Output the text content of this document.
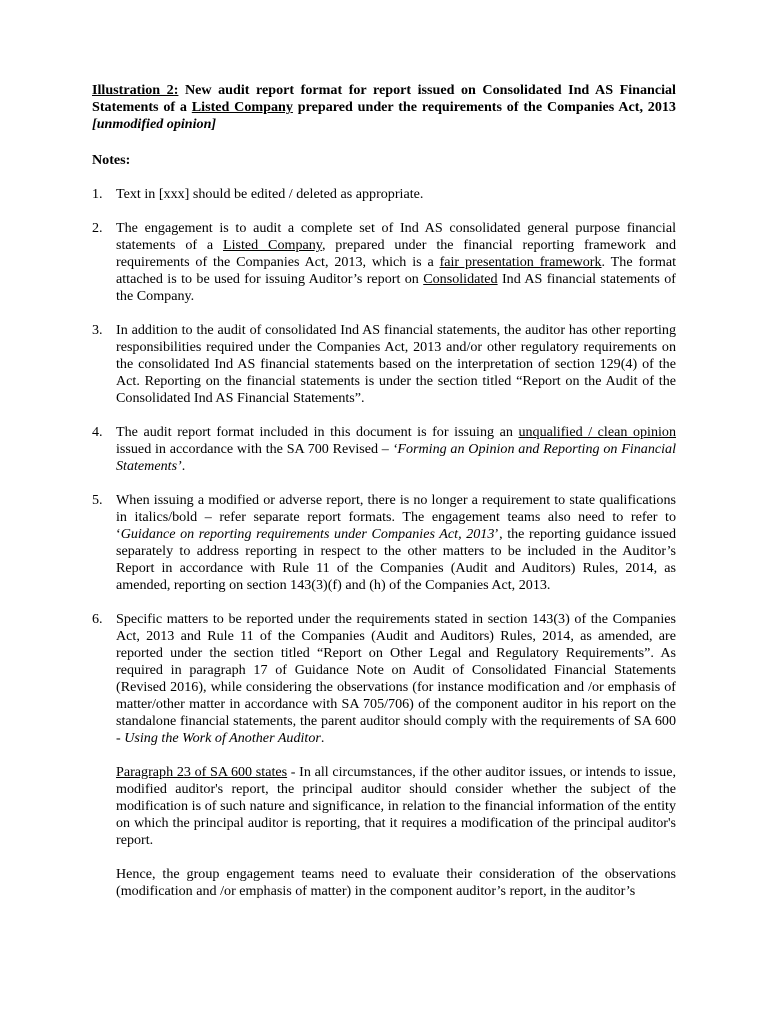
Illustration 2: New audit report format for report issued on Consolidated Ind AS Financial Statements of a Listed Company prepared under the requirements of the Companies Act, 2013 [unmodified opinion]

Notes:

1. Text in [xxx] should be edited / deleted as appropriate.

2. The engagement is to audit a complete set of Ind AS consolidated general purpose financial statements of a Listed Company, prepared under the financial reporting framework and requirements of the Companies Act, 2013, which is a fair presentation framework. The format attached is to be used for issuing Auditor’s report on Consolidated Ind AS financial statements of the Company.

3. In addition to the audit of consolidated Ind AS financial statements, the auditor has other reporting responsibilities required under the Companies Act, 2013 and/or other regulatory requirements on the consolidated Ind AS financial statements based on the interpretation of section 129(4) of the Act. Reporting on the financial statements is under the section titled “Report on the Audit of the Consolidated Ind AS Financial Statements”.

4. The audit report format included in this document is for issuing an unqualified / clean opinion issued in accordance with the SA 700 Revised – ‘Forming an Opinion and Reporting on Financial Statements’.

5. When issuing a modified or adverse report, there is no longer a requirement to state qualifications in italics/bold – refer separate report formats. The engagement teams also need to refer to ‘Guidance on reporting requirements under Companies Act, 2013’, the reporting guidance issued separately to address reporting in respect to the other matters to be included in the Auditor’s Report in accordance with Rule 11 of the Companies (Audit and Auditors) Rules, 2014, as amended, reporting on section 143(3)(f) and (h) of the Companies Act, 2013.

6. Specific matters to be reported under the requirements stated in section 143(3) of the Companies Act, 2013 and Rule 11 of the Companies (Audit and Auditors) Rules, 2014, as amended, are reported under the section titled “Report on Other Legal and Regulatory Requirements”. As required in paragraph 17 of Guidance Note on Audit of Consolidated Financial Statements (Revised 2016), while considering the observations (for instance modification and /or emphasis of matter/other matter in accordance with SA 705/706) of the component auditor in his report on the standalone financial statements, the parent auditor should comply with the requirements of SA 600 - Using the Work of Another Auditor.

Paragraph 23 of SA 600 states - In all circumstances, if the other auditor issues, or intends to issue, modified auditor's report, the principal auditor should consider whether the subject of the modification is of such nature and significance, in relation to the financial information of the entity on which the principal auditor is reporting, that it requires a modification of the principal auditor's report.

Hence, the group engagement teams need to evaluate their consideration of the observations (modification and /or emphasis of matter) in the component auditor’s report, in the auditor’s
